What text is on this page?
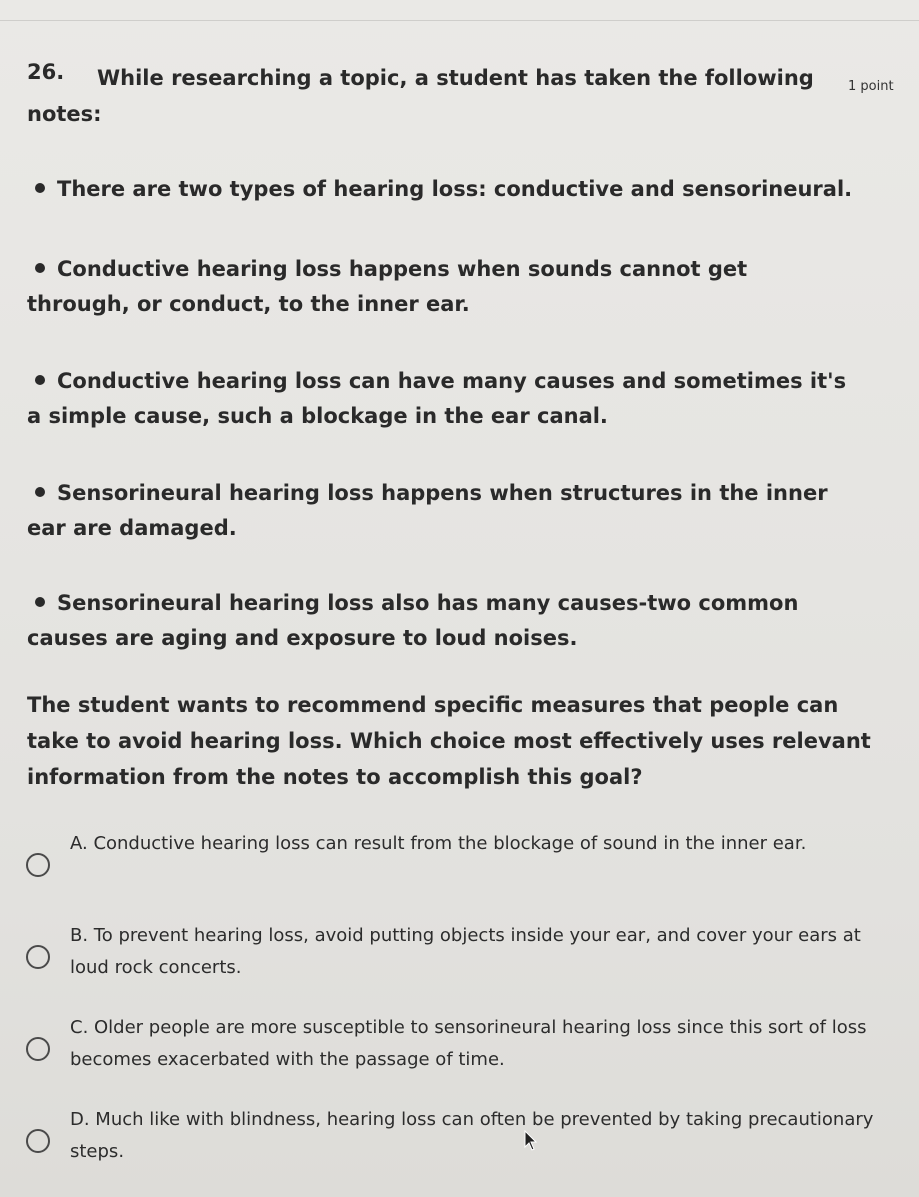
26.	While researching a topic, a student has taken the following notes:
1 point
There are two types of hearing loss: conductive and sensorineural.
Conductive hearing loss happens when sounds cannot get through, or conduct, to the inner ear.
Conductive hearing loss can have many causes and sometimes it's a simple cause, such a blockage in the ear canal.
Sensorineural hearing loss happens when structures in the inner ear are damaged.
Sensorineural hearing loss also has many causes-two common causes are aging and exposure to loud noises.
The student wants to recommend specific measures that people can take to avoid hearing loss. Which choice most effectively uses relevant information from the notes to accomplish this goal?
A. Conductive hearing loss can result from the blockage of sound in the inner ear.
B. To prevent hearing loss, avoid putting objects inside your ear, and cover your ears at loud rock concerts.
C. Older people are more susceptible to sensorineural hearing loss since this sort of loss becomes exacerbated with the passage of time.
D. Much like with blindness, hearing loss can often be prevented by taking precautionary steps.
